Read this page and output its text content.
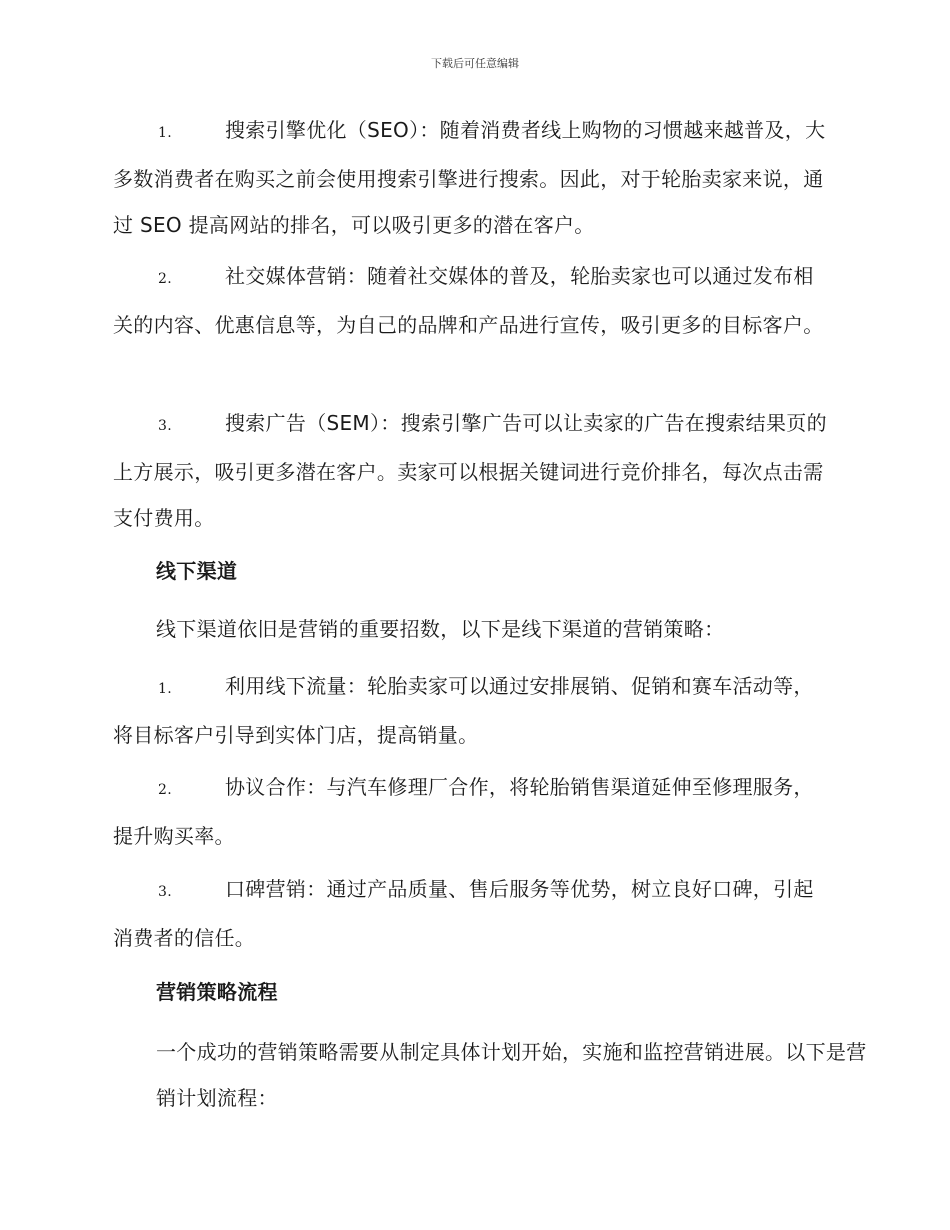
下载后可任意编辑
1.	搜索引擎优化（SEO）：随着消费者线上购物的习惯越来越普及，大多数消费者在购买之前会使用搜索引擎进行搜索。因此，对于轮胎卖家来说，通过 SEO 提高网站的排名，可以吸引更多的潜在客户。
2.	社交媒体营销：随着社交媒体的普及，轮胎卖家也可以通过发布相关的内容、优惠信息等，为自己的品牌和产品进行宣传，吸引更多的目标客户。
3.	搜索广告（SEM）：搜索引擎广告可以让卖家的广告在搜索结果页的上方展示，吸引更多潜在客户。卖家可以根据关键词进行竞价排名，每次点击需支付费用。
线下渠道
线下渠道依旧是营销的重要招数，以下是线下渠道的营销策略：
1.	利用线下流量：轮胎卖家可以通过安排展销、促销和赛车活动等，将目标客户引导到实体门店，提高销量。
2.	协议合作：与汽车修理厂合作，将轮胎销售渠道延伸至修理服务，提升购买率。
3.	口碑营销：通过产品质量、售后服务等优势，树立良好口碑，引起消费者的信任。
营销策略流程
一个成功的营销策略需要从制定具体计划开始，实施和监控营销进展。以下是营销计划流程：
